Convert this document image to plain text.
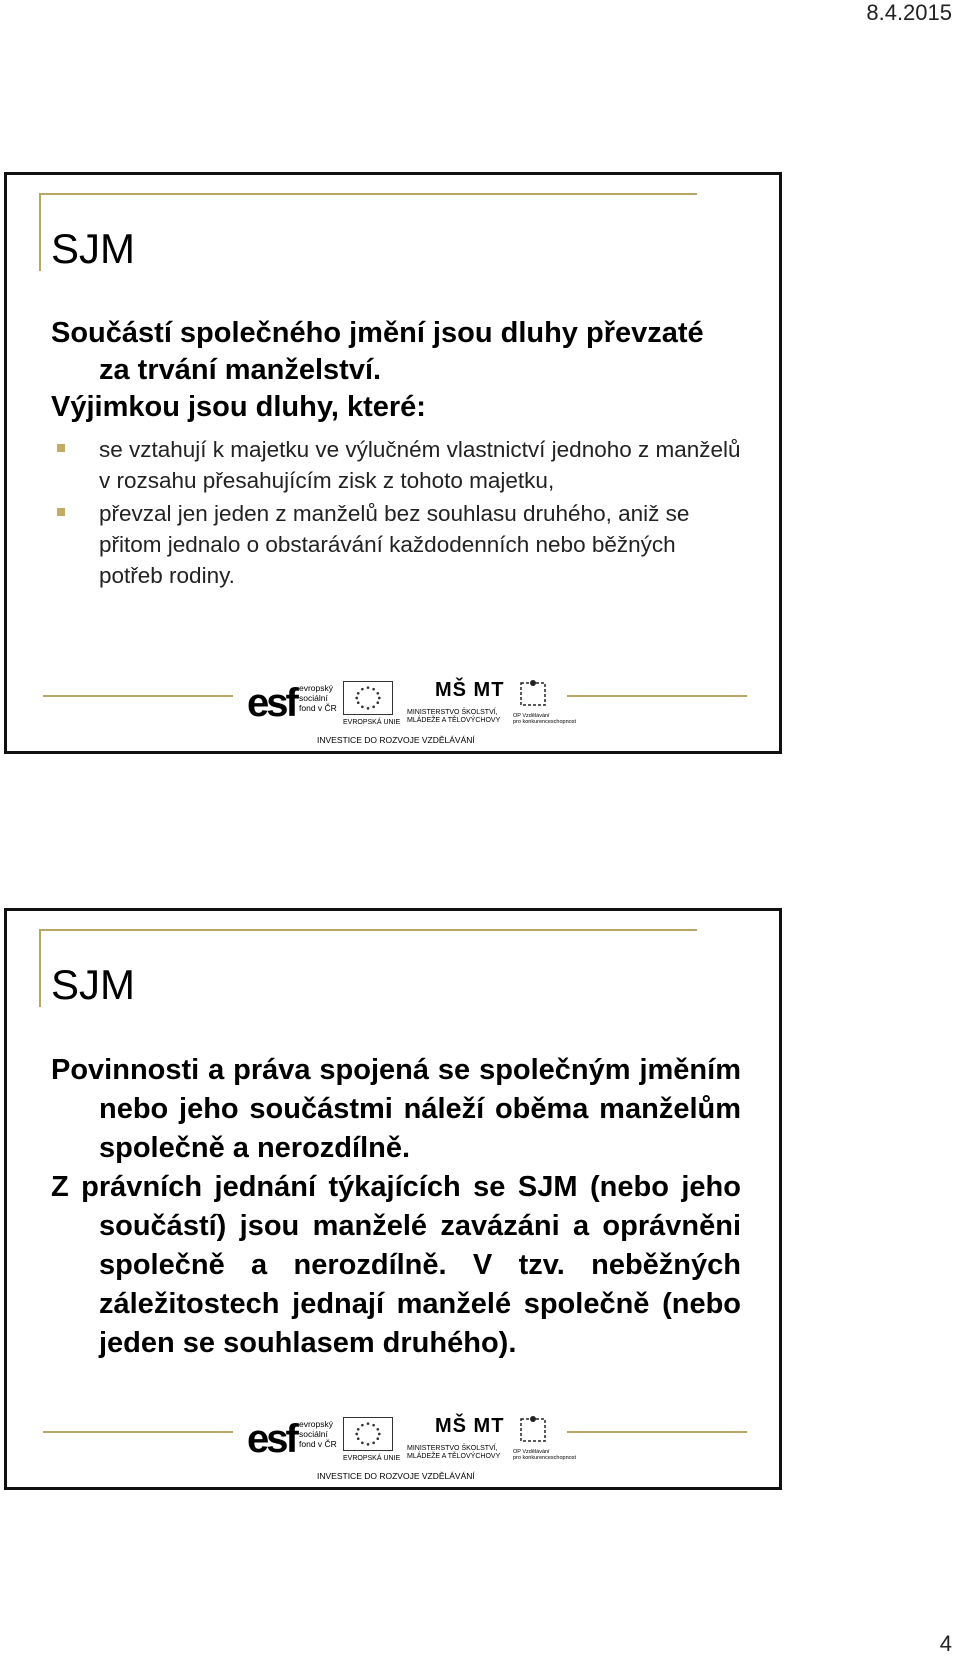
8.4.2015
SJM

Součástí společného jmění jsou dluhy převzaté za trvání manželství.

Výjimkou jsou dluhy, které:

se vztahují k majetku ve výlučném vlastnictví jednoho z manželů v rozsahu přesahujícím zisk z tohoto majetku,
převzal jen jeden z manželů bez souhlasu druhého, aniž se přitom jednalo o obstarávání každodenních nebo běžných potřeb rodiny.
esf evropský
sociální
fond v ČR
EVROPSKÁ UNIE
MŠ MT
MINISTERSTVO ŠKOLSTVÍ,
MLÁDEŽE A TĚLOVÝCHOVY
OP Vzdělávání
pro konkurenceschopnost
INVESTICE DO ROZVOJE VZDĚLÁVÁNÍ
SJM

Povinnosti a práva spojená se společným jměním nebo jeho součástmi náleží oběma manželům společně a nerozdílně.

Z právních jednání týkajících se SJM (nebo jeho součástí) jsou manželé zavázáni a oprávněni společně a nerozdílně. V tzv. neběžných záležitostech jednají manželé společně (nebo jeden se souhlasem druhého).

esf evropský
sociální
fond v ČR
EVROPSKÁ UNIE
MŠ MT
MINISTERSTVO ŠKOLSTVÍ,
MLÁDEŽE A TĚLOVÝCHOVY
OP Vzdělávání
pro konkurenceschopnost
INVESTICE DO ROZVOJE VZDĚLÁVÁNÍ
4
